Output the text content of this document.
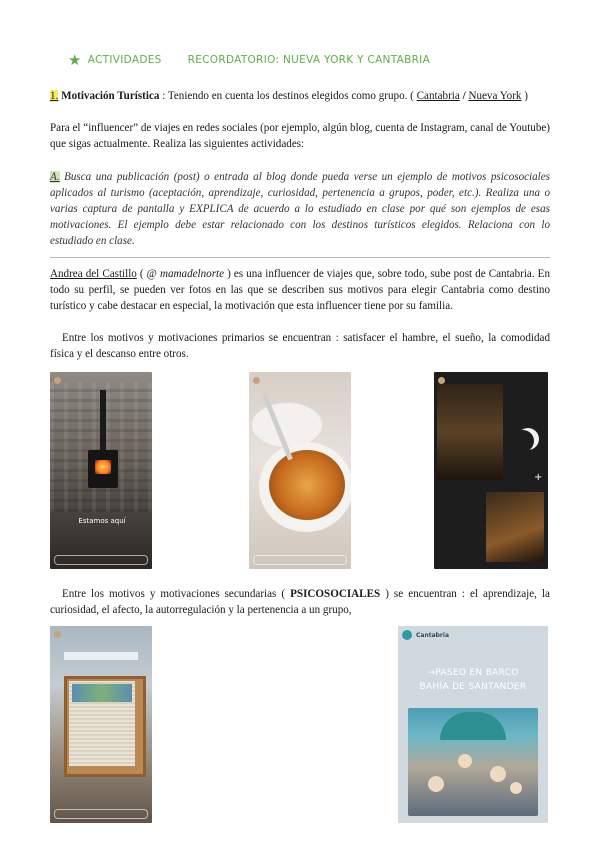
★ ACTIVIDADES RECORDATORIO: NUEVA YORK Y CANTABRIA

1. Motivación Turística : Teniendo en cuenta los destinos elegidos como grupo. ( Cantabria / Nueva York )

Para el “influencer” de viajes en redes sociales (por ejemplo, algún blog, cuenta de Instagram, canal de Youtube) que sigas actualmente. Realiza las siguientes actividades:

A. Busca una publicación (post) o entrada al blog donde pueda verse un ejemplo de motivos psicosociales aplicados al turismo (aceptación, aprendizaje, curiosidad, pertenencia a grupos, poder, etc.). Realiza una o varias captura de pantalla y EXPLICA de acuerdo a lo estudiado en clase por qué son ejemplos de esas motivaciones. El ejemplo debe estar relacionado con los destinos turísticos elegidos. Relaciona con lo estudiado en clase.

Andrea del Castillo ( @ mamadelnorte ) es una influencer de viajes que, sobre todo, sube post de Cantabria. En todo su perfil, se pueden ver fotos en las que se describen sus motivos para elegir Cantabria como destino turístico y cabe destacar en especial, la motivación que esta influencer tiene por su familia.

Entre los motivos y motivaciones primarios se encuentran : satisfacer el hambre, el sueño, la comodidad física y el descanso entre otros.

Estamos aquí
+

Entre los motivos y motivaciones secundarias ( PSICOSOCIALES ) se encuentran : el aprendizaje, la curiosidad, el afecto, la autorregulación y la pertenencia a un grupo,

Cantabria
→PASEO EN BARCO
BAHÍA DE SANTANDER
